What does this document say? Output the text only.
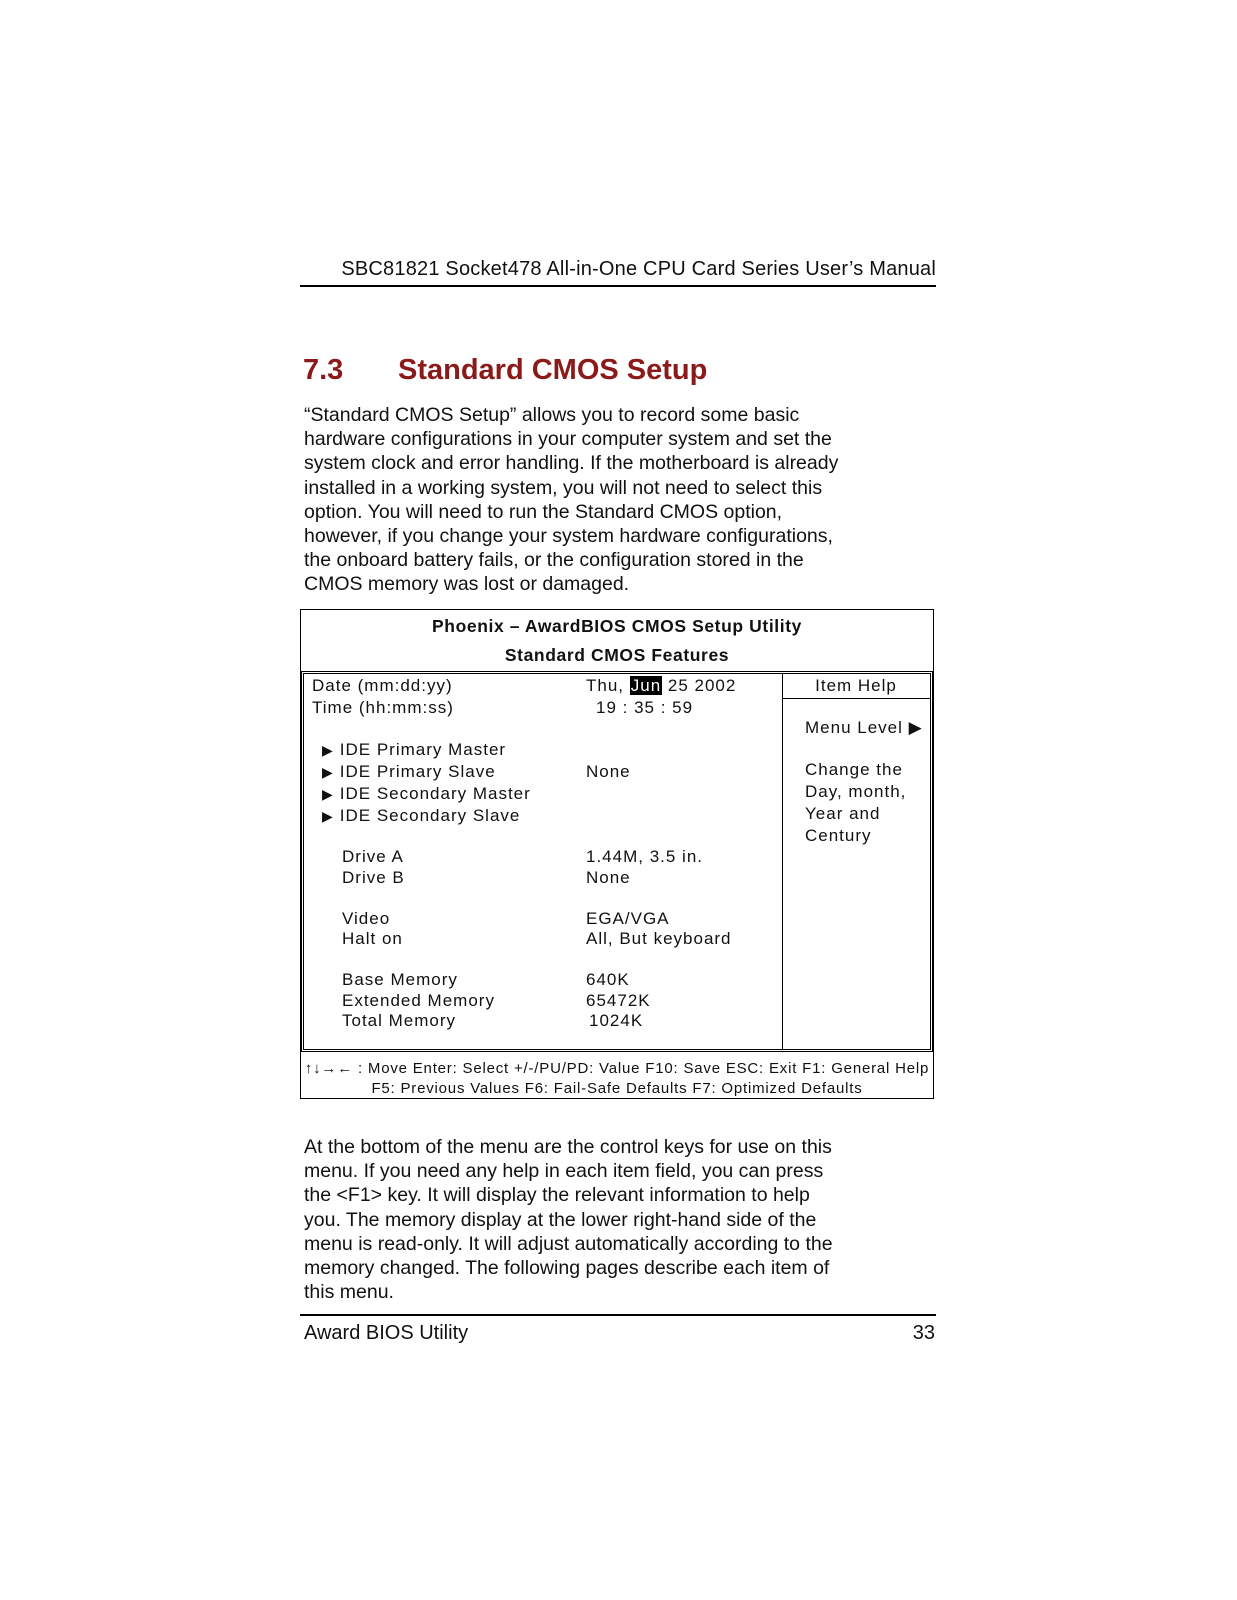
SBC81821 Socket478 All-in-One CPU Card Series User’s Manual
7.3 Standard CMOS Setup

“Standard CMOS Setup” allows you to record some basic
hardware configurations in your computer system and set the
system clock and error handling. If the motherboard is already
installed in a working system, you will not need to select this
option. You will need to run the Standard CMOS option,
however, if you change your system hardware configurations,
the onboard battery fails, or the configuration stored in the
CMOS memory was lost or damaged.

Phoenix – AwardBIOS CMOS Setup Utility
Standard CMOS Features
Date (mm:dd:yy)	Thu, Jun 25 2002
Time (hh:mm:ss)	19 : 35 : 59
▶ IDE Primary Master
▶ IDE Primary Slave	None
▶ IDE Secondary Master
▶ IDE Secondary Slave
Drive A	1.44M, 3.5 in.
Drive B	None
Video	EGA/VGA
Halt on	All, But keyboard
Base Memory	640K
Extended Memory	65472K
Total Memory	1024K
Item Help
Menu Level ▶
Change the
Day, month,
Year and
Century
↑↓→← : Move Enter: Select +/-/PU/PD: Value F10: Save ESC: Exit F1: General Help
F5: Previous Values F6: Fail-Safe Defaults F7: Optimized Defaults

At the bottom of the menu are the control keys for use on this
menu. If you need any help in each item field, you can press
the <F1> key. It will display the relevant information to help
you. The memory display at the lower right-hand side of the
menu is read-only. It will adjust automatically according to the
memory changed. The following pages describe each item of
this menu.

Award BIOS Utility	33
